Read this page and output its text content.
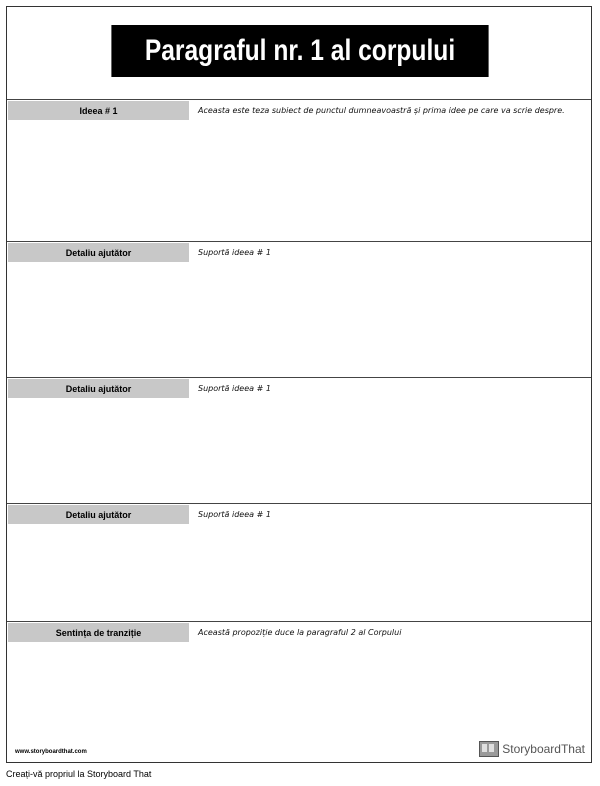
Paragraful nr. 1 al corpului
Ideea # 1	Aceasta este teza subiect de punctul dumneavoastră și prima idee pe care va scrie despre.
Detaliu ajutător	Suportă ideea # 1
Detaliu ajutător	Suportă ideea # 1
Detaliu ajutător	Suportă ideea # 1
Sentința de tranziție	Această propoziție duce la paragraful 2 al Corpului
www.storyboardthat.com	StoryboardThat
Creați-vă propriul la Storyboard That
